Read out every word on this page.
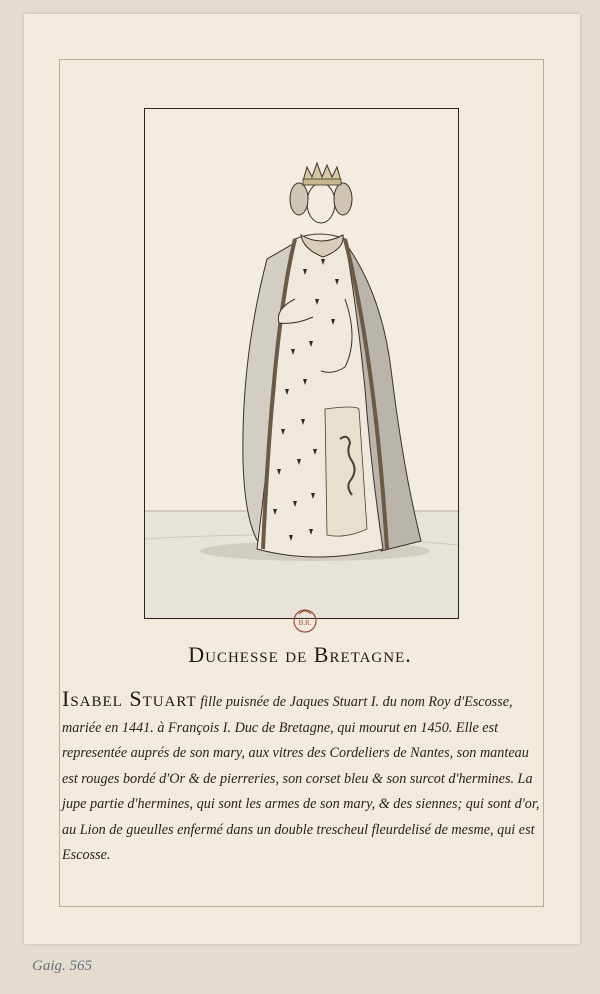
B.R.
Duchesse de Bretagne.
Isabel Stuart fille puisnée de Jaques Stuart I. du nom Roy d'Escosse, mariée en 1441. à François I. Duc de Bretagne, qui mourut en 1450. Elle est representée auprés de son mary, aux vitres des Cordeliers de Nantes, son manteau est rouges bordé d'Or & de pierreries, son corset bleu & son surcot d'hermines. La jupe partie d'hermines, qui sont les armes de son mary, & des siennes; qui sont d'or, au Lion de gueulles enfermé dans un double trescheul fleurdelisé de mesme, qui est Escosse.
Gaig. 565
